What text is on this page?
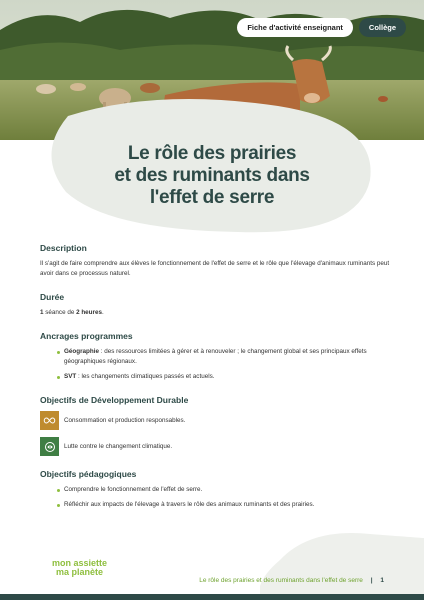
Fiche d'activité enseignant	Collège
Le rôle des prairies
et des ruminants dans
l'effet de serre
Description
Il s'agit de faire comprendre aux élèves le fonctionnement de l'effet de serre et le rôle que l'élevage d'animaux ruminants peut avoir dans ce processus naturel.
Durée
1 séance de 2 heures.
Ancrages programmes
Géographie : des ressources limitées à gérer et à renouveler ; le changement global et ses principaux effets géographiques régionaux.
SVT : les changements climatiques passés et actuels.
Objectifs de Développement Durable
Consommation et production responsables.
Lutte contre le changement climatique.
Objectifs pédagogiques
Comprendre le fonctionnement de l'effet de serre.
Réfléchir aux impacts de l'élevage à travers le rôle des animaux ruminants et des prairies.
mon assiette
ma planète
Le rôle des prairies et des ruminants dans l'effet de serre | 1
